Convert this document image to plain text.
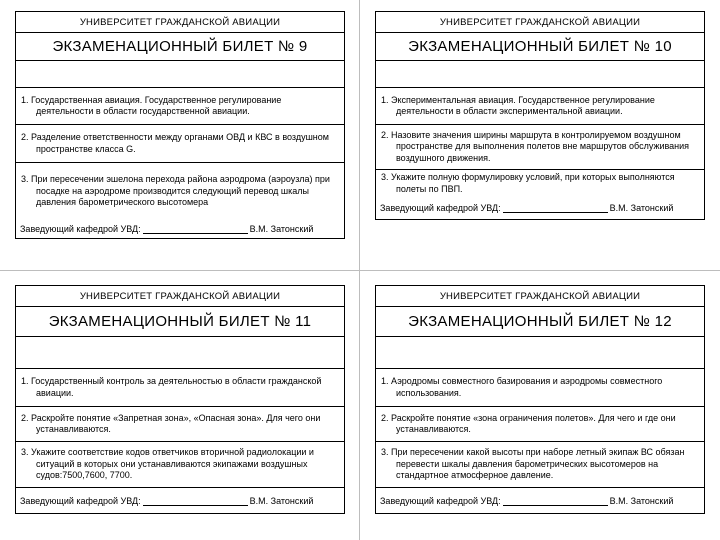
УНИВЕРСИТЕТ ГРАЖДАНСКОЙ АВИАЦИИ
ЭКЗАМЕНАЦИОННЫЙ БИЛЕТ № 9
1. Государственная авиация. Государственное регулирование деятельности в области государственной авиации.
2. Разделение ответственности между органами ОВД и КВС в воздушном пространстве класса G.
3. При пересечении эшелона перехода района аэродрома (аэроузла) при посадке на аэродроме производится следующий перевод шкалы давления барометрического высотомера
Заведующий кафедрой УВД:	В.М. Затонский
УНИВЕРСИТЕТ ГРАЖДАНСКОЙ АВИАЦИИ
ЭКЗАМЕНАЦИОННЫЙ БИЛЕТ № 10
1. Экспериментальная авиация. Государственное регулирование деятельности в области экспериментальной авиации.
2. Назовите значения ширины маршрута в контролируемом воздушном пространстве для выполнения полетов вне маршрутов обслуживания воздушного движения.
3. Укажите полную формулировку условий, при которых выполняются полеты по ПВП.
Заведующий кафедрой УВД:	В.М. Затонский
УНИВЕРСИТЕТ ГРАЖДАНСКОЙ АВИАЦИИ
ЭКЗАМЕНАЦИОННЫЙ БИЛЕТ № 11
1. Государственный контроль за деятельностью в области гражданской авиации.
2. Раскройте понятие «Запретная зона», «Опасная зона». Для чего они устанавливаются.
3. Укажите соответствие кодов ответчиков вторичной радиолокации и ситуаций в которых они устанавливаются экипажами воздушных судов:7500,7600, 7700.
Заведующий кафедрой УВД:	В.М. Затонский
УНИВЕРСИТЕТ ГРАЖДАНСКОЙ АВИАЦИИ
ЭКЗАМЕНАЦИОННЫЙ БИЛЕТ № 12
1. Аэродромы совместного базирования и аэродромы совместного использования.
2. Раскройте понятие «зона ограничения полетов». Для чего и где они устанавливаются.
3. При пересечении какой высоты при наборе летный экипаж ВС обязан перевести шкалы давления барометрических высотомеров на стандартное атмосферное давление.
Заведующий кафедрой УВД:	В.М. Затонский
